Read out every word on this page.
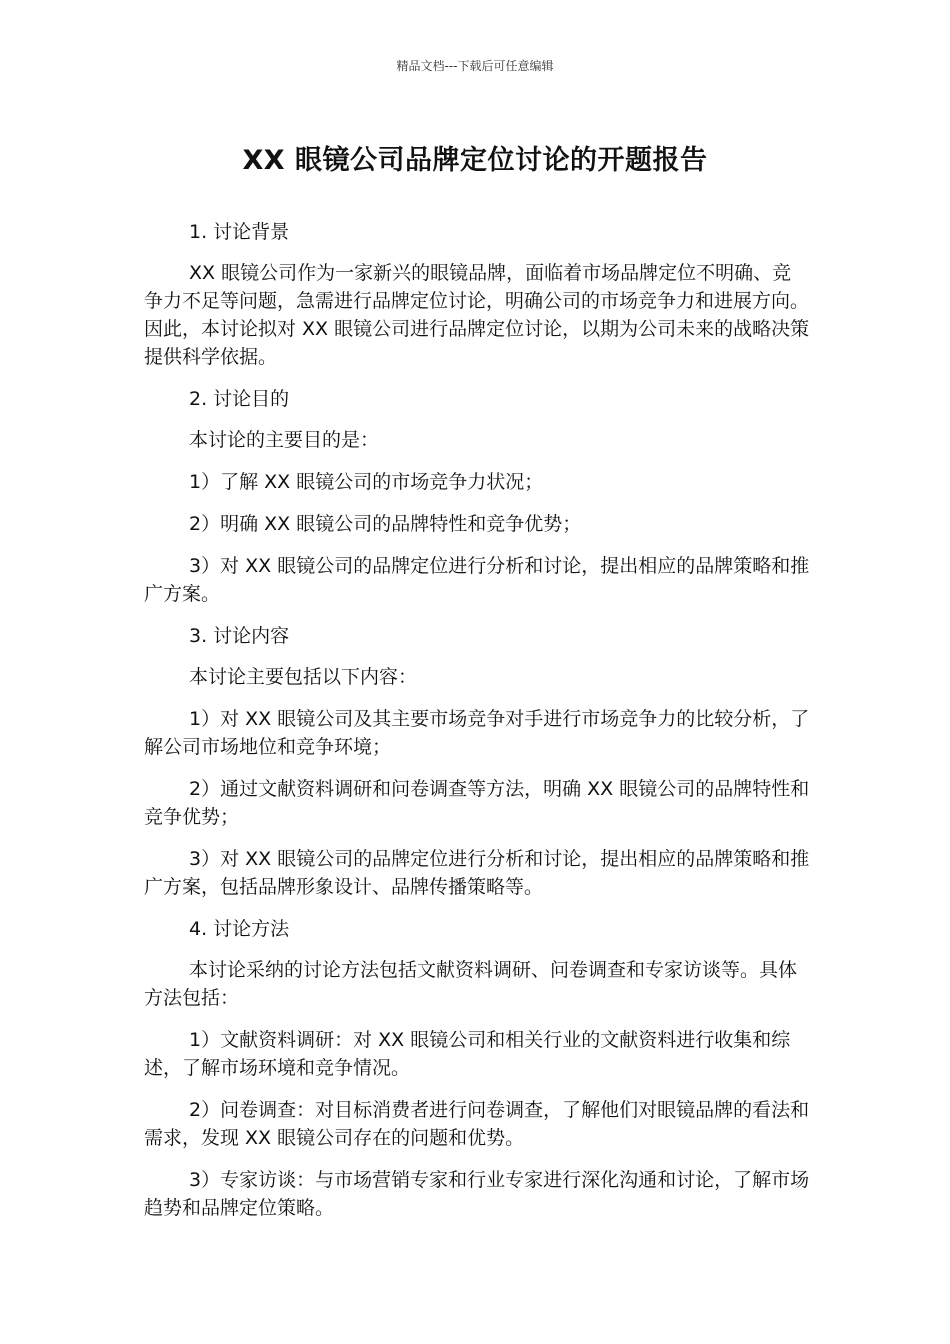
精品文档---下载后可任意编辑
XX 眼镜公司品牌定位讨论的开题报告

1. 讨论背景

XX 眼镜公司作为一家新兴的眼镜品牌，面临着市场品牌定位不明确、竞争力不足等问题，急需进行品牌定位讨论，明确公司的市场竞争力和进展方向。因此，本讨论拟对 XX 眼镜公司进行品牌定位讨论，以期为公司未来的战略决策提供科学依据。

2. 讨论目的

本讨论的主要目的是：

1）了解 XX 眼镜公司的市场竞争力状况；

2）明确 XX 眼镜公司的品牌特性和竞争优势；

3）对 XX 眼镜公司的品牌定位进行分析和讨论，提出相应的品牌策略和推广方案。

3. 讨论内容

本讨论主要包括以下内容：

1）对 XX 眼镜公司及其主要市场竞争对手进行市场竞争力的比较分析，了解公司市场地位和竞争环境；

2）通过文献资料调研和问卷调查等方法，明确 XX 眼镜公司的品牌特性和竞争优势；

3）对 XX 眼镜公司的品牌定位进行分析和讨论，提出相应的品牌策略和推广方案，包括品牌形象设计、品牌传播策略等。

4. 讨论方法

本讨论采纳的讨论方法包括文献资料调研、问卷调查和专家访谈等。具体方法包括：

1）文献资料调研：对 XX 眼镜公司和相关行业的文献资料进行收集和综述，了解市场环境和竞争情况。

2）问卷调查：对目标消费者进行问卷调查，了解他们对眼镜品牌的看法和需求，发现 XX 眼镜公司存在的问题和优势。

3）专家访谈：与市场营销专家和行业专家进行深化沟通和讨论，了解市场趋势和品牌定位策略。
